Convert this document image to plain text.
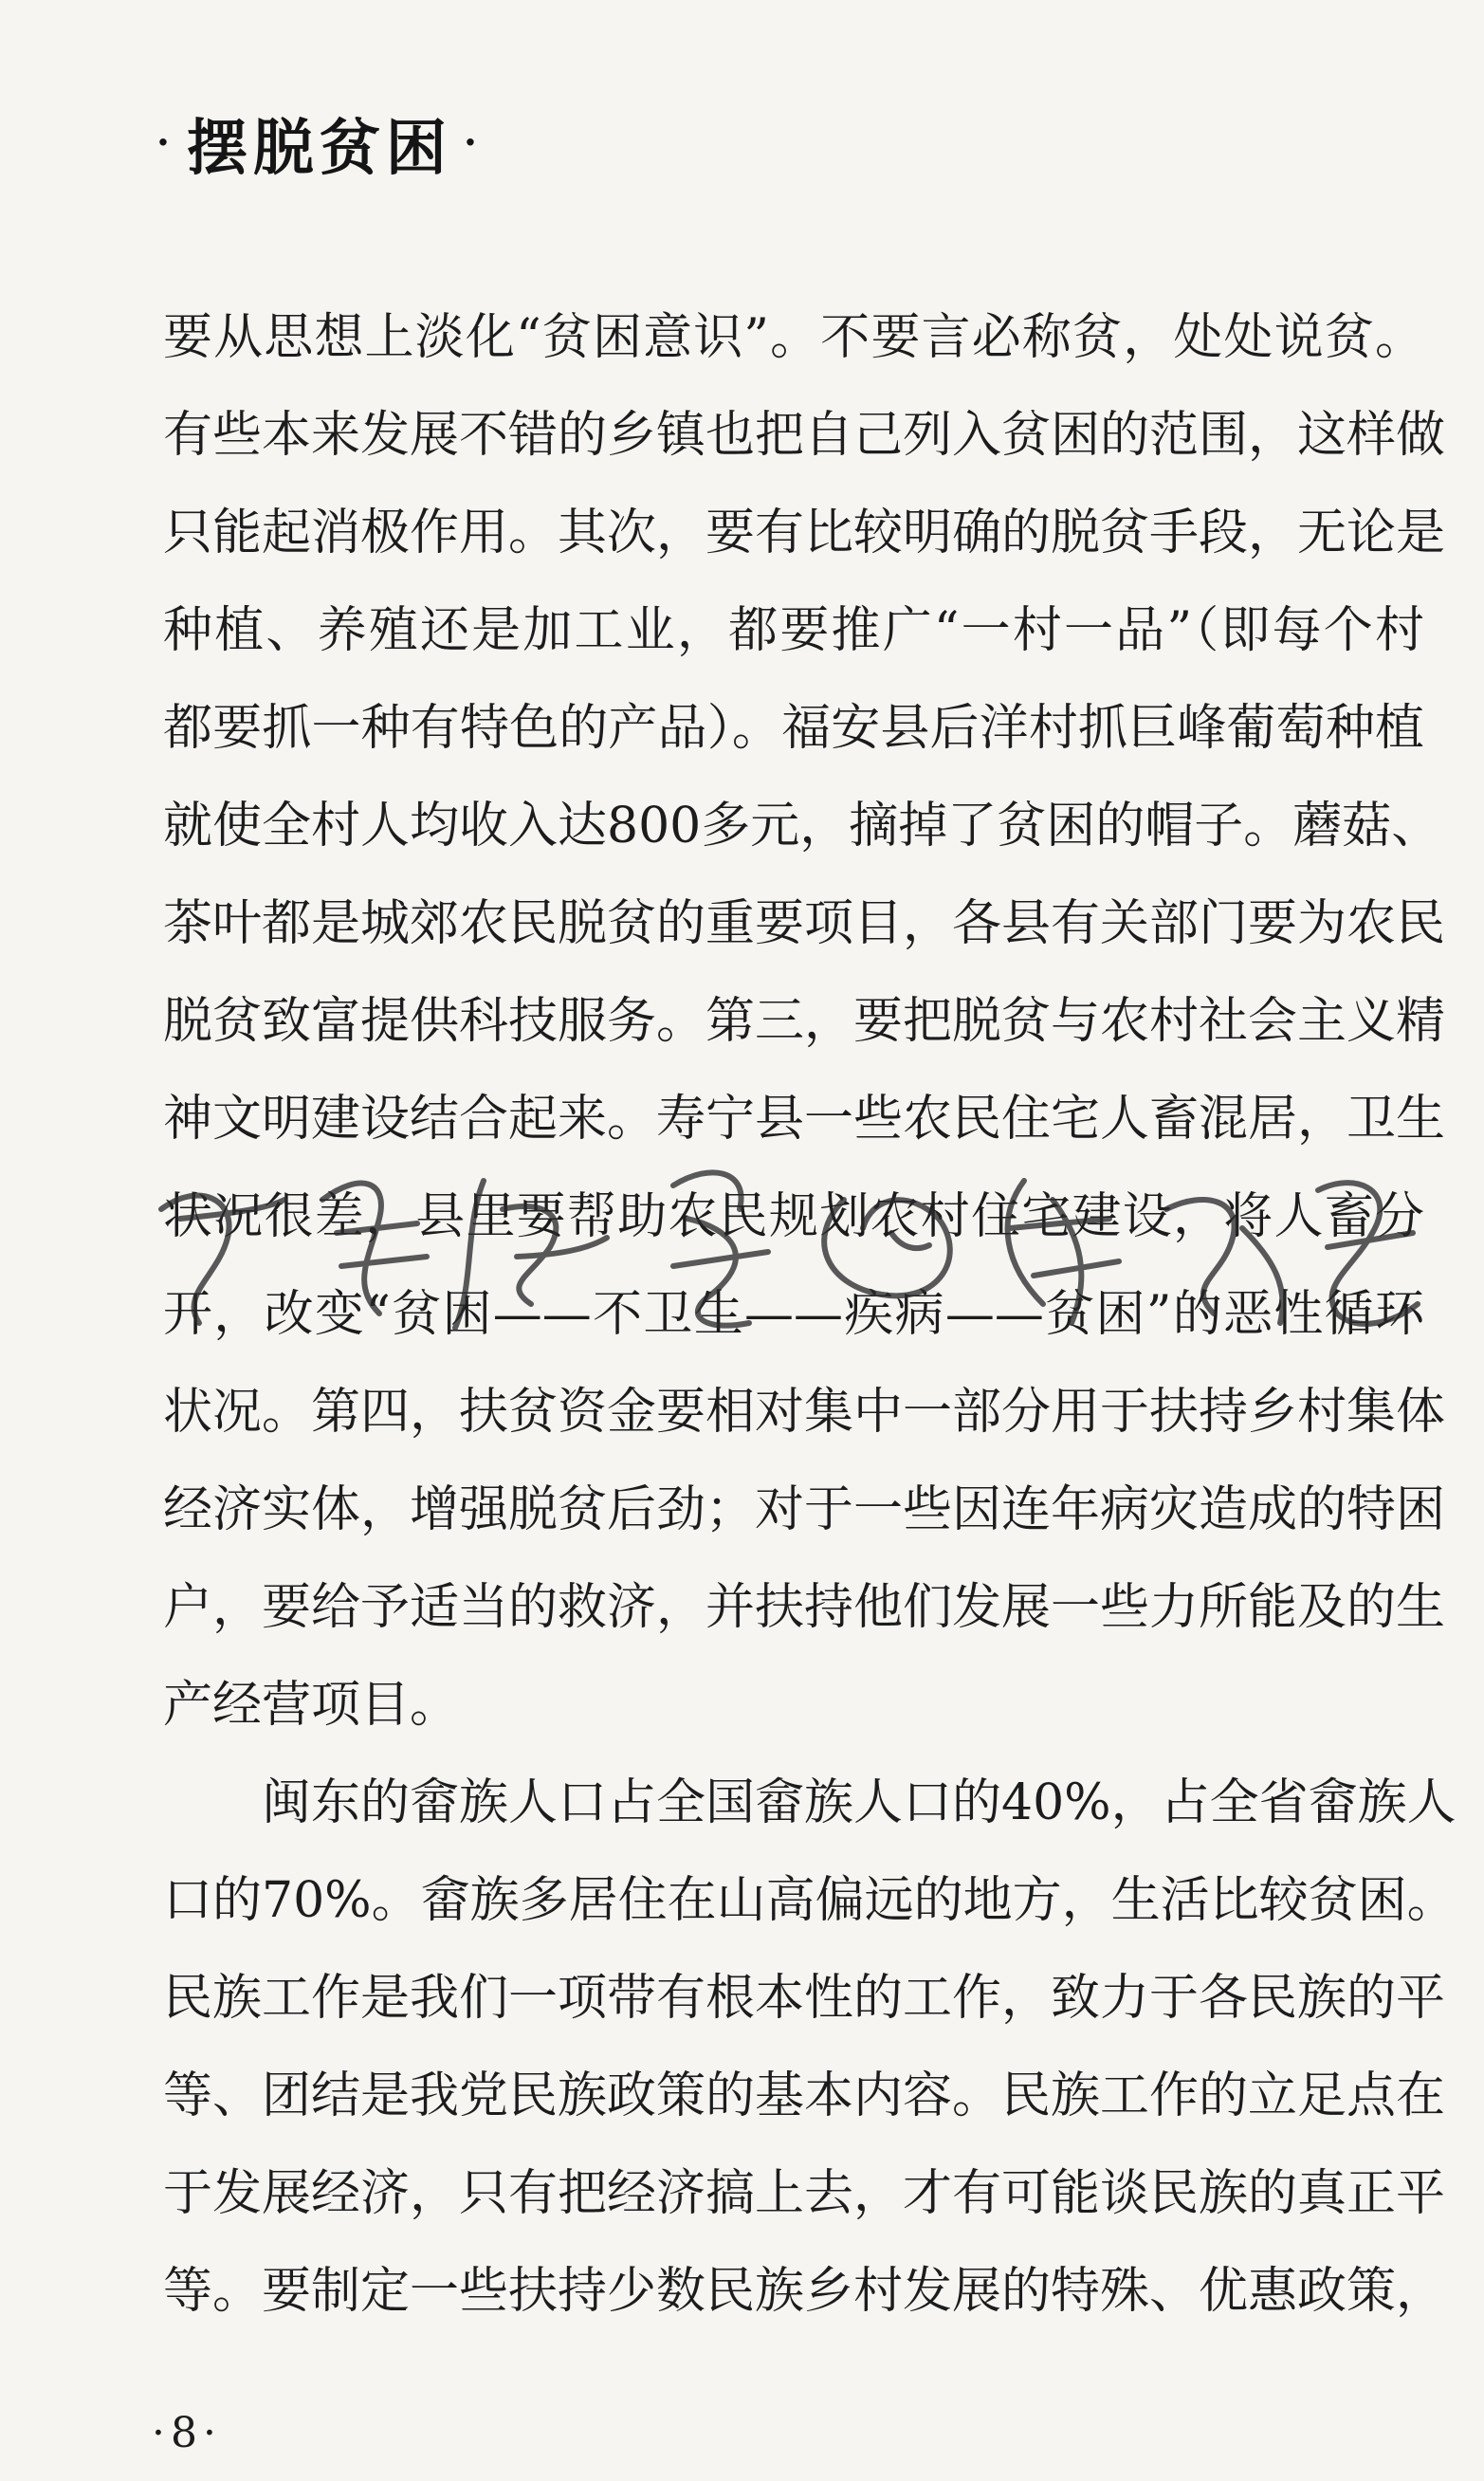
· 摆脱贫困 ·
要从思想上淡化“贫困意识”。不要言必称贫，处处说贫。
有些本来发展不错的乡镇也把自己列入贫困的范围，这样做
只能起消极作用。其次，要有比较明确的脱贫手段，无论是
种植、养殖还是加工业，都要推广“一村一品”（即每个村
都要抓一种有特色的产品）。福安县后洋村抓巨峰葡萄种植
就使全村人均收入达800多元，摘掉了贫困的帽子。蘑菇、
茶叶都是城郊农民脱贫的重要项目，各县有关部门要为农民
脱贫致富提供科技服务。第三，要把脱贫与农村社会主义精
神文明建设结合起来。寿宁县一些农民住宅人畜混居，卫生
状况很差，县里要帮助农民规划农村住宅建设，将人畜分
开，改变“贫困——不卫生——疾病——贫困”的恶性循环
状况。第四，扶贫资金要相对集中一部分用于扶持乡村集体
经济实体，增强脱贫后劲；对于一些因连年病灾造成的特困
户，要给予适当的救济，并扶持他们发展一些力所能及的生
产经营项目。
闽东的畲族人口占全国畲族人口的40%，占全省畲族人
口的70%。畲族多居住在山高偏远的地方，生活比较贫困。
民族工作是我们一项带有根本性的工作，致力于各民族的平
等、团结是我党民族政策的基本内容。民族工作的立足点在
于发展经济，只有把经济搞上去，才有可能谈民族的真正平
等。要制定一些扶持少数民族乡村发展的特殊、优惠政策，
·8·
